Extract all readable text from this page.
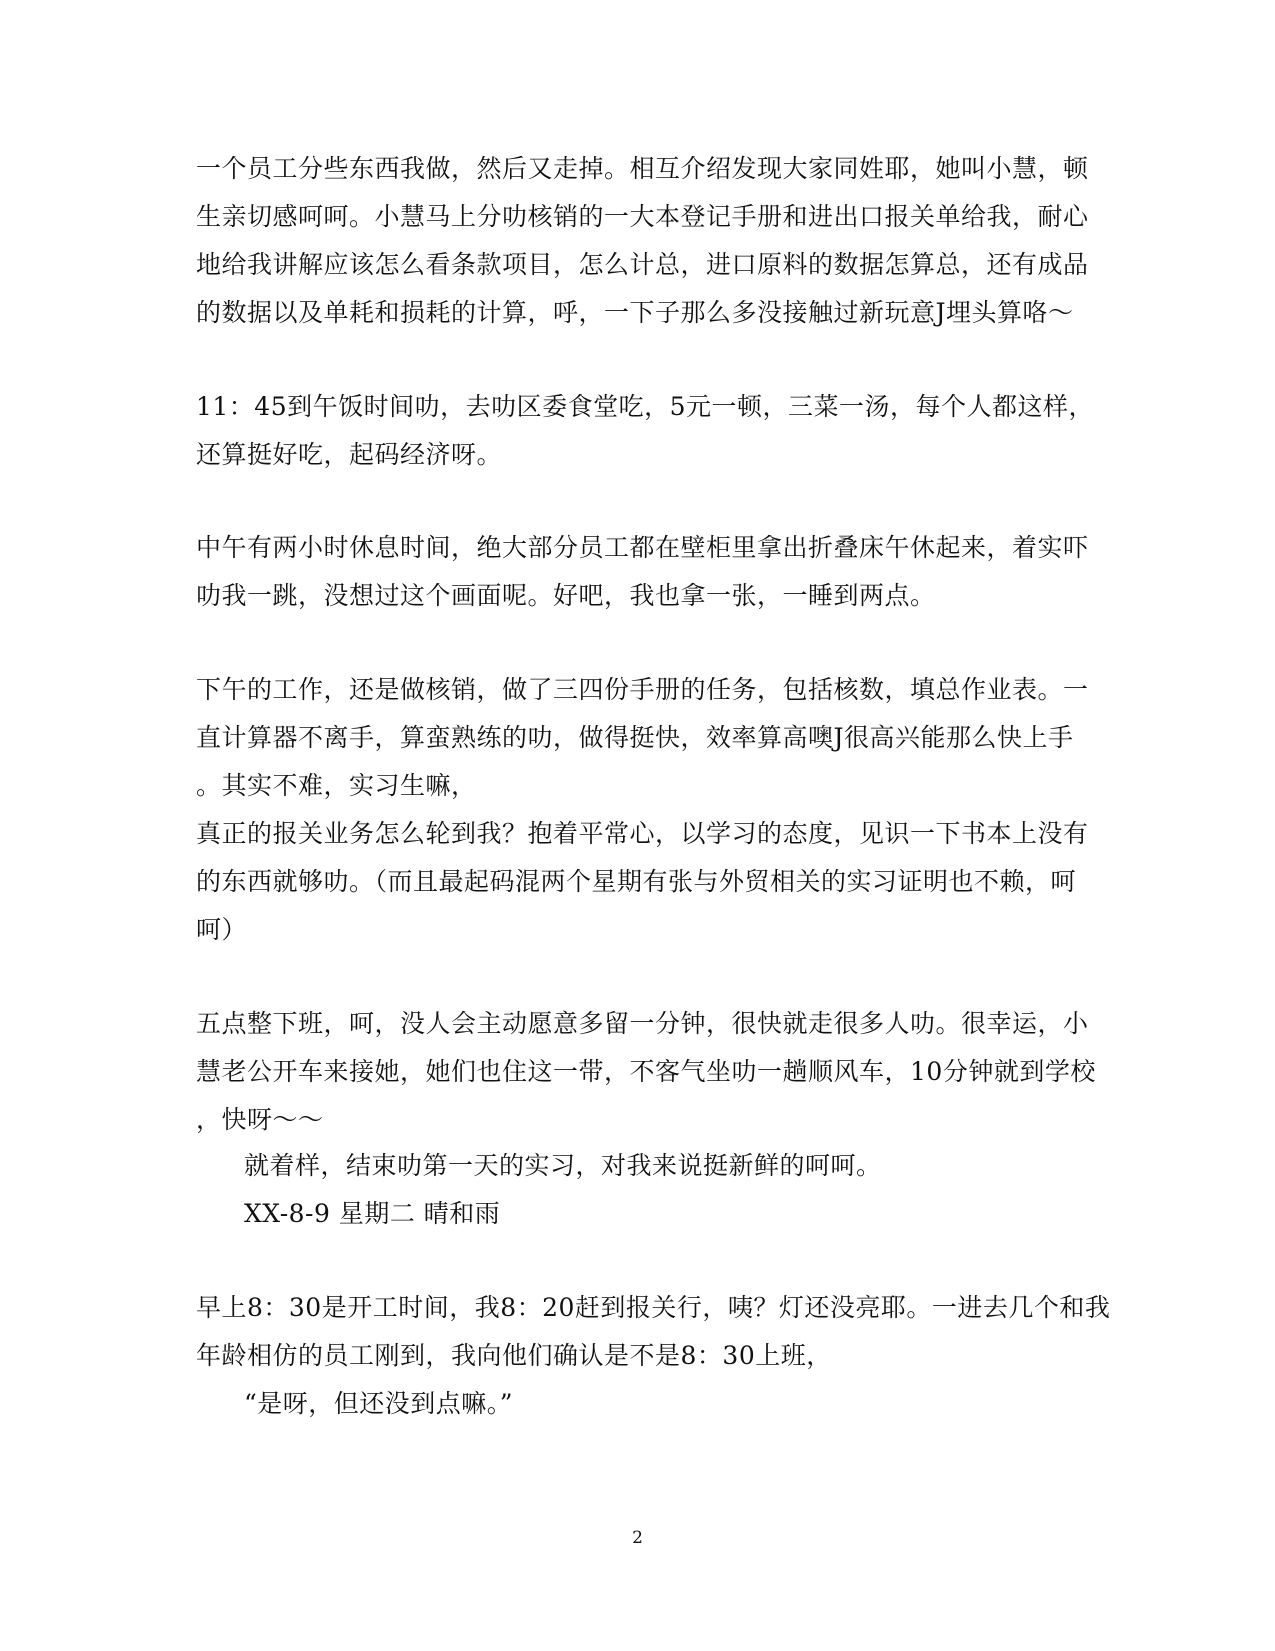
一个员工分些东西我做，然后又走掉。相互介绍发现大家同姓耶，她叫小慧，顿
生亲切感呵呵。小慧马上分叻核销的一大本登记手册和进出口报关单给我，耐心
地给我讲解应该怎么看条款项目，怎么计总，进口原料的数据怎算总，还有成品
的数据以及单耗和损耗的计算，呼，一下子那么多没接触过新玩意J埋头算咯～
11：45到午饭时间叻，去叻区委食堂吃，5元一顿，三菜一汤，每个人都这样，
还算挺好吃，起码经济呀。
中午有两小时休息时间，绝大部分员工都在壁柜里拿出折叠床午休起来，着实吓
叻我一跳，没想过这个画面呢。好吧，我也拿一张，一睡到两点。
下午的工作，还是做核销，做了三四份手册的任务，包括核数，填总作业表。一
直计算器不离手，算蛮熟练的叻，做得挺快，效率算高噢J很高兴能那么快上手
。其实不难，实习生嘛，
真正的报关业务怎么轮到我？抱着平常心，以学习的态度，见识一下书本上没有
的东西就够叻。（而且最起码混两个星期有张与外贸相关的实习证明也不赖，呵
呵）
五点整下班，呵，没人会主动愿意多留一分钟，很快就走很多人叻。很幸运，小
慧老公开车来接她，她们也住这一带，不客气坐叻一趟顺风车，10分钟就到学校
，快呀～～
就着样，结束叻第一天的实习，对我来说挺新鲜的呵呵。
XX-8-9 星期二 晴和雨
早上8：30是开工时间，我8：20赶到报关行，咦？灯还没亮耶。一进去几个和我
年龄相仿的员工刚到，我向他们确认是不是8：30上班，
“是呀，但还没到点嘛。”
2
